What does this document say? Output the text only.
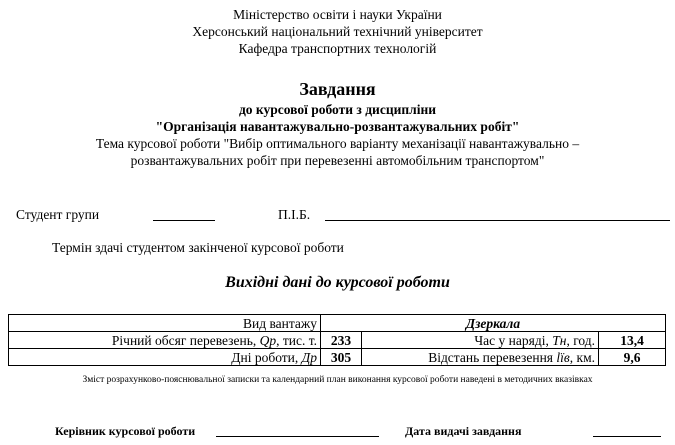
Міністерство освіти і науки України
Херсонський національний технічний університет
Кафедра транспортних технологій
Завдання
до курсової роботи з дисципліни
"Організація навантажувально-розвантажувальних робіт"
Тема курсової роботи "Вибір оптимального варіанту механізації навантажувально –
розвантажувальних робіт при перевезенні автомобільним транспортом"
Студент групи	П.І.Б.
Термін здачі студентом закінченої курсової роботи
Вихідні дані до курсової роботи
Вид вантажу	Дзеркала		
Річний обсяг перевезень, Qр, тис. т.	233	Час у наряді, Тн, год.	13,4
Дні роботи, Др	305	Відстань перевезення lїв, км.	9,6
Зміст розрахунково-пояснювальної записки та календарний план виконання курсової роботи наведені в методичних вказівках
Керівник курсової роботи	Дата видачі завдання
